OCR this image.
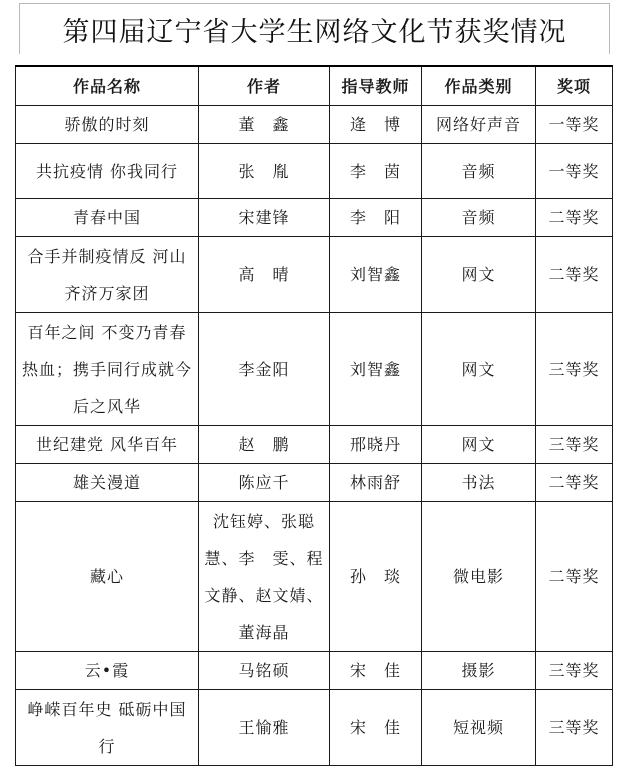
第四届辽宁省大学生网络文化节获奖情况
作品名称	作者	指导教师	作品类别	奖项
骄傲的时刻	董　鑫	逄　博	网络好声音	一等奖
共抗疫情 你我同行	张　胤	李　茵	音频	一等奖
青春中国	宋建锋	李　阳	音频	二等奖
合手并制疫情反 河山齐济万家团	高　晴	刘智鑫	网文	二等奖
百年之间 不变乃青春热血；携手同行成就今后之风华	李金阳	刘智鑫	网文	三等奖
世纪建党 风华百年	赵　鹏	邢晓丹	网文	三等奖
雄关漫道	陈应千	林雨舒	书法	二等奖
藏心	沈钰婷、张聪慧、李　雯、程文静、赵文婧、董海晶	孙　琰	微电影	二等奖
云•霞	马铭硕	宋　佳	摄影	三等奖
峥嵘百年史 砥砺中国行	王愉雅	宋　佳	短视频	三等奖
